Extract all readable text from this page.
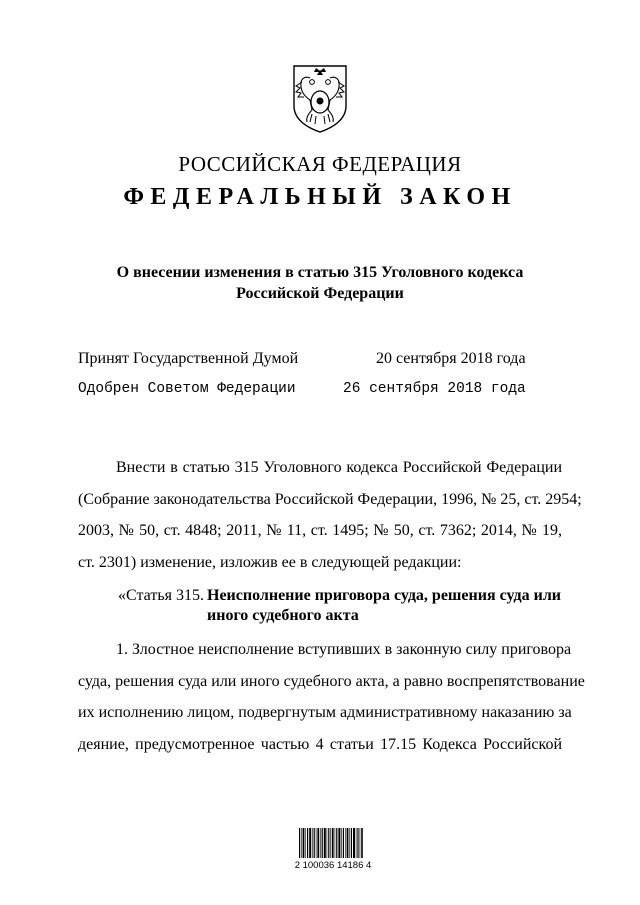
РОССИЙСКАЯ ФЕДЕРАЦИЯ
ФЕДЕРАЛЬНЫЙ ЗАКОН
О внесении изменения в статью 315 Уголовного кодекса
Российской Федерации
Принят Государственной Думой	20 сентября 2018 года
Одобрен Советом Федерации	26 сентября 2018 года
Внести в статью 315 Уголовного кодекса Российской Федерации
(Собрание законодательства Российской Федерации, 1996, № 25, ст. 2954;
2003, № 50, ст. 4848; 2011, № 11, ст. 1495; № 50, ст. 7362; 2014, № 19,
ст. 2301) изменение, изложив ее в следующей редакции:
«Статья 315. Неисполнение приговора суда, решения суда или
иного судебного акта
1. Злостное неисполнение вступивших в законную силу приговора
суда, решения суда или иного судебного акта, а равно воспрепятствование
их исполнению лицом, подвергнутым административному наказанию за
деяние, предусмотренное частью 4 статьи 17.15 Кодекса Российской
2 100036 14186 4
